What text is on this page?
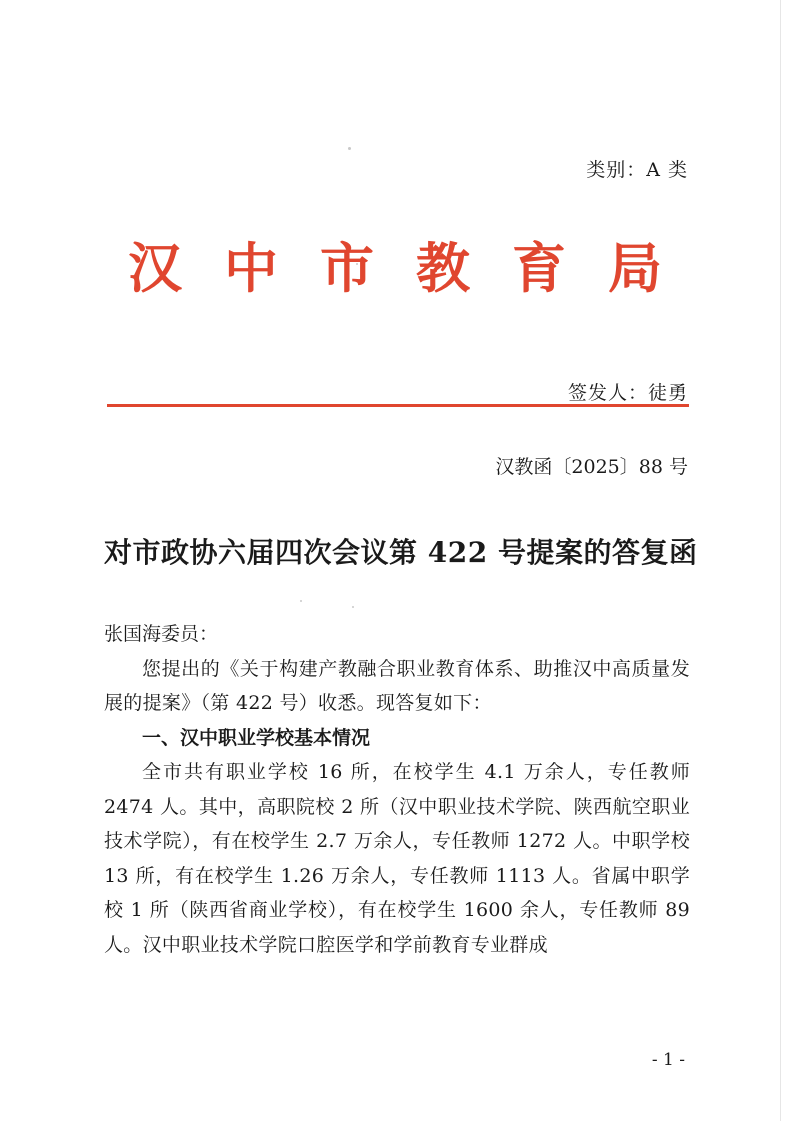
类别：A 类
汉中市教育局
签发人：徒勇
汉教函〔2025〕88 号
对市政协六届四次会议第 422 号提案的答复函

张国海委员：

您提出的《关于构建产教融合职业教育体系、助推汉中高质量发展的提案》（第 422 号）收悉。现答复如下：

一、汉中职业学校基本情况

全市共有职业学校 16 所，在校学生 4.1 万余人，专任教师 2474 人。其中，高职院校 2 所（汉中职业技术学院、陕西航空职业技术学院），有在校学生 2.7 万余人，专任教师 1272 人。中职学校 13 所，有在校学生 1.26 万余人，专任教师 1113 人。省属中职学校 1 所（陕西省商业学校），有在校学生 1600 余人，专任教师 89 人。汉中职业技术学院口腔医学和学前教育专业群成

- 1 -
